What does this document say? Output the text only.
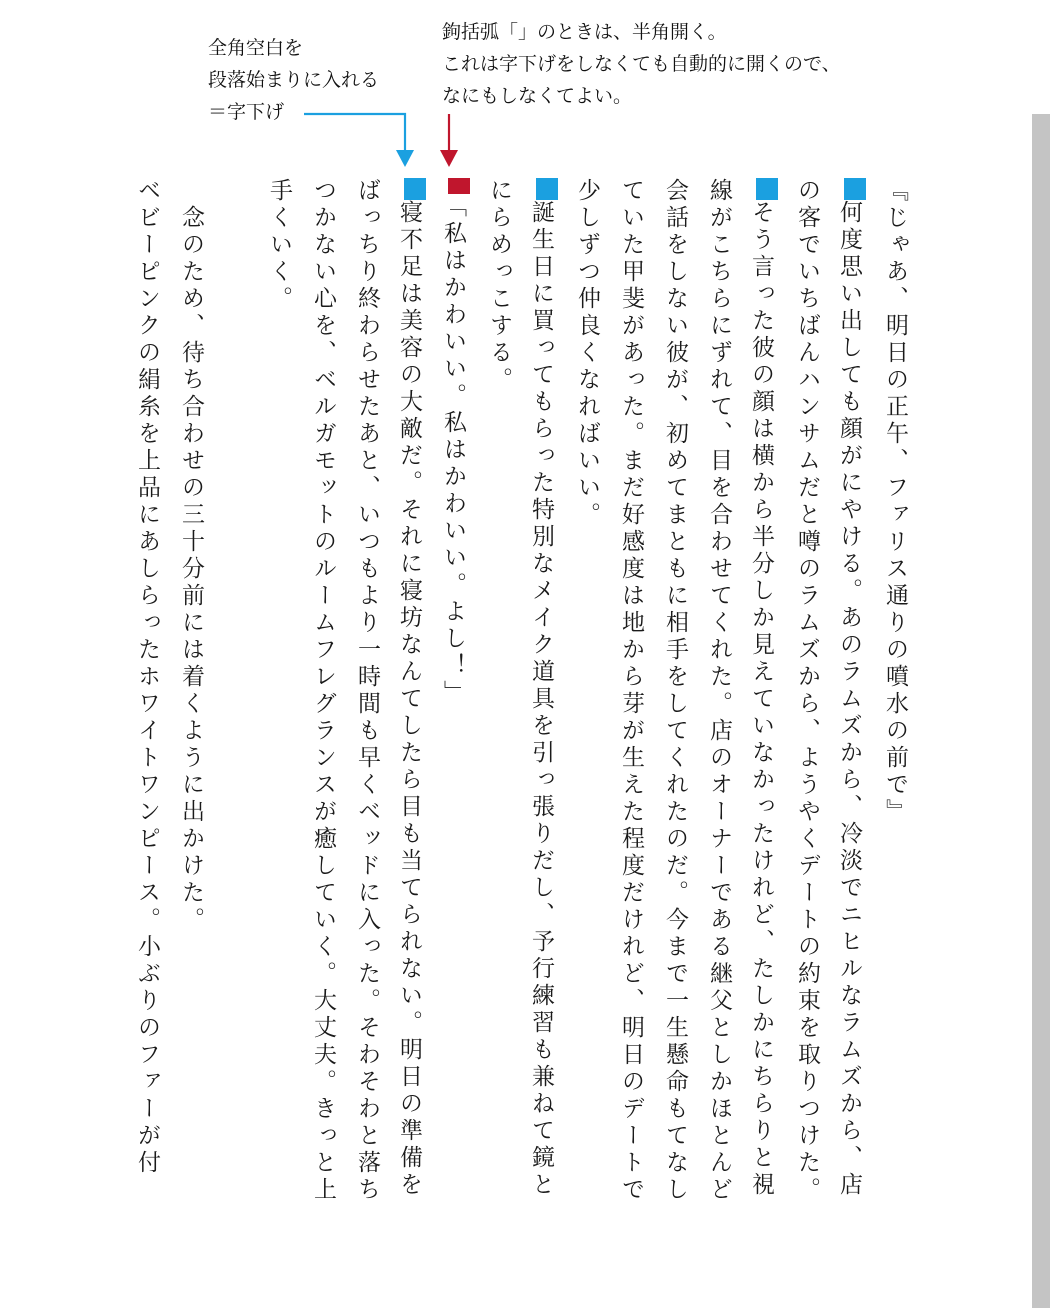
全角空白を
段落始まりに入れる
＝字下げ
鉤括弧「」のときは、半角開く。
これは字下げをしなくても自動的に開くので、
なにもしなくてよい。
『じゃあ、明日の正午、ファリス通りの噴水の前で』
何度思い出しても顔がにやける。あのラムズから、冷淡でニヒルなラムズから、店
の客でいちばんハンサムだと噂のラムズから、ようやくデートの約束を取りつけた。
そう言った彼の顔は横から半分しか見えていなかったけれど、たしかにちらりと視
線がこちらにずれて、目を合わせてくれた。店のオーナーである継父としかほとんど
会話をしない彼が、初めてまともに相手をしてくれたのだ。今まで一生懸命もてなし
ていた甲斐があった。まだ好感度は地から芽が生えた程度だけれど、明日のデートで
少しずつ仲良くなればいい。
誕生日に買ってもらった特別なメイク道具を引っ張りだし、予行練習も兼ねて鏡と
にらめっこする。
「私はかわいい。私はかわいい。よし！」
寝不足は美容の大敵だ。それに寝坊なんてしたら目も当てられない。明日の準備を
ばっちり終わらせたあと、いつもより一時間も早くベッドに入った。そわそわと落ち
つかない心を、ベルガモットのルームフレグランスが癒していく。大丈夫。きっと上
手くいく。
　念のため、待ち合わせの三十分前には着くように出かけた。
ベビーピンクの絹糸を上品にあしらったホワイトワンピース。小ぶりのファーが付
